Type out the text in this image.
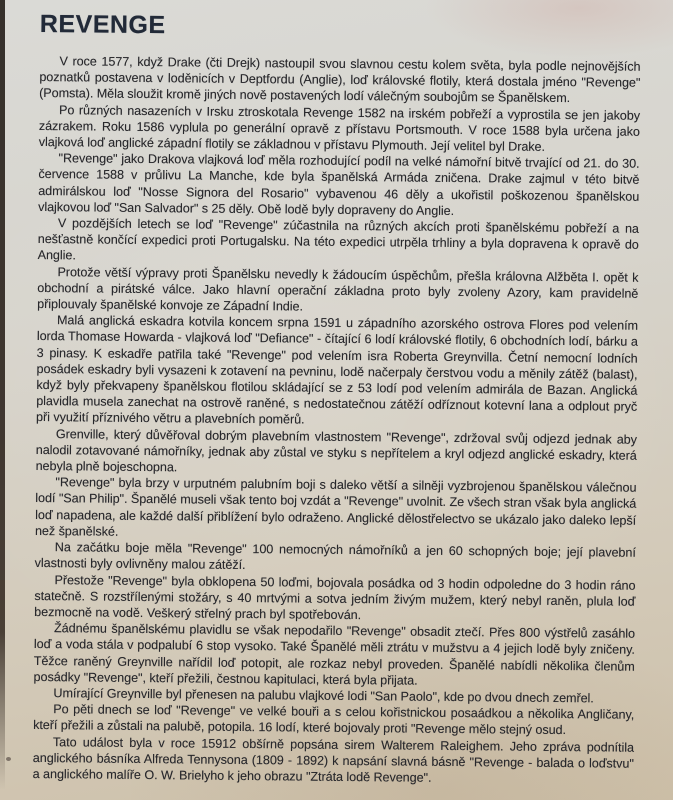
REVENGE

V roce 1577, když Drake (čti Drejk) nastoupil svou slavnou cestu kolem světa, byla podle nejnovějších poznatků postavena v loděnicích v Deptfordu (Anglie), loď královské flotily, která dostala jméno "Revenge" (Pomsta). Měla sloužit kromě jiných nově postavených lodí válečným soubojům se Španělskem.

Po různých nasazeních v Irsku ztroskotala Revenge 1582 na irském pobřeží a vyprostila se jen jakoby zázrakem. Roku 1586 vyplula po generální opravě z přístavu Portsmouth. V roce 1588 byla určena jako vlajková loď anglické západní flotily se základnou v přístavu Plymouth. Její velitel byl Drake.

"Revenge" jako Drakova vlajková loď měla rozhodující podíl na velké námořní bitvě trvající od 21. do 30. července 1588 v průlivu La Manche, kde byla španělská Armáda zničena. Drake zajmul v této bitvě admirálskou loď "Nosse Signora del Rosario" vybavenou 46 děly a ukořistil poškozenou španělskou vlajkovou loď "San Salvador" s 25 děly. Obě lodě byly dopraveny do Anglie.

V pozdějších letech se loď "Revenge" zúčastnila na různých akcích proti španělskému pobřeží a na nešťastně končící expedici proti Portugalsku. Na této expedici utrpěla trhliny a byla dopravena k opravě do Anglie.

Protože větší výpravy proti Španělsku nevedly k žádoucím úspěchům, přešla královna Alžběta I. opět k obchodní a pirátské válce. Jako hlavní operační základna proto byly zvoleny Azory, kam pravidelně připlouvaly španělské konvoje ze Západní Indie.

Malá anglická eskadra kotvila koncem srpna 1591 u západního azorského ostrova Flores pod velením lorda Thomase Howarda - vlajková loď "Defiance" - čítající 6 lodí královské flotily, 6 obchodních lodí, bárku a 3 pinasy. K eskadře patřila také "Revenge" pod velením isra Roberta Greynvilla. Četní nemocní lodních posádek eskadry byli vysazeni k zotavení na pevninu, lodě načerpaly čerstvou vodu a měnily zátěž (balast), když byly překvapeny španělskou flotilou skládající se z 53 lodí pod velením admirála de Bazan. Anglická plavidla musela zanechat na ostrově raněné, s nedostatečnou zátěží odříznout kotevní lana a odplout pryč při využití příznivého větru a plavebních poměrů.

Grenville, který důvěřoval dobrým plavebním vlastnostem "Revenge", zdržoval svůj odjezd jednak aby nalodil zotavované námořníky, jednak aby zůstal ve styku s nepřítelem a kryl odjezd anglické eskadry, která nebyla plně bojeschopna.

"Revenge" byla brzy v urputném palubním boji s daleko větší a silněji vyzbrojenou španělskou válečnou lodí "San Philip". Španělé museli však tento boj vzdát a "Revenge" uvolnit. Ze všech stran však byla anglická loď napadena, ale každé další přiblížení bylo odraženo. Anglické dělostřelectvo se ukázalo jako daleko lepší než španělské.

Na začátku boje měla "Revenge" 100 nemocných námořníků a jen 60 schopných boje; její plavební vlastnosti byly ovlivněny malou zátěží.

Přestože "Revenge" byla obklopena 50 loďmi, bojovala posádka od 3 hodin odpoledne do 3 hodin ráno statečně. S rozstřílenými stožáry, s 40 mrtvými a sotva jedním živým mužem, který nebyl raněn, plula loď bezmocně na vodě. Veškerý střelný prach byl spotřebován.

Žádnému španělskému plavidlu se však nepodařilo "Revenge" obsadit ztečí. Přes 800 výstřelů zasáhlo loď a voda stála v podpalubí 6 stop vysoko. Také Španělé měli ztrátu v mužstvu a 4 jejich lodě byly zničeny. Těžce raněný Greynville nařídil loď potopit, ale rozkaz nebyl proveden. Španělé nabídli několika členům posádky "Revenge", kteří přežili, čestnou kapitulaci, která byla přijata.

Umírající Greynville byl přenesen na palubu vlajkové lodi "San Paolo", kde po dvou dnech zemřel.

Po pěti dnech se loď "Revenge" ve velké bouři a s celou kořistnickou posaádkou a několika Angličany, kteří přežili a zůstali na palubě, potopila. 16 lodí, které bojovaly proti "Revenge mělo stejný osud.

Tato událost byla v roce 15912 obšírně popsána sirem Walterem Raleighem. Jeho zpráva podnítila anglického básníka Alfreda Tennysona (1809 - 1892) k napsání slavná básně "Revenge - balada o loďstvu" a anglického malíře O. W. Brielyho k jeho obrazu "Ztráta lodě Revenge".
